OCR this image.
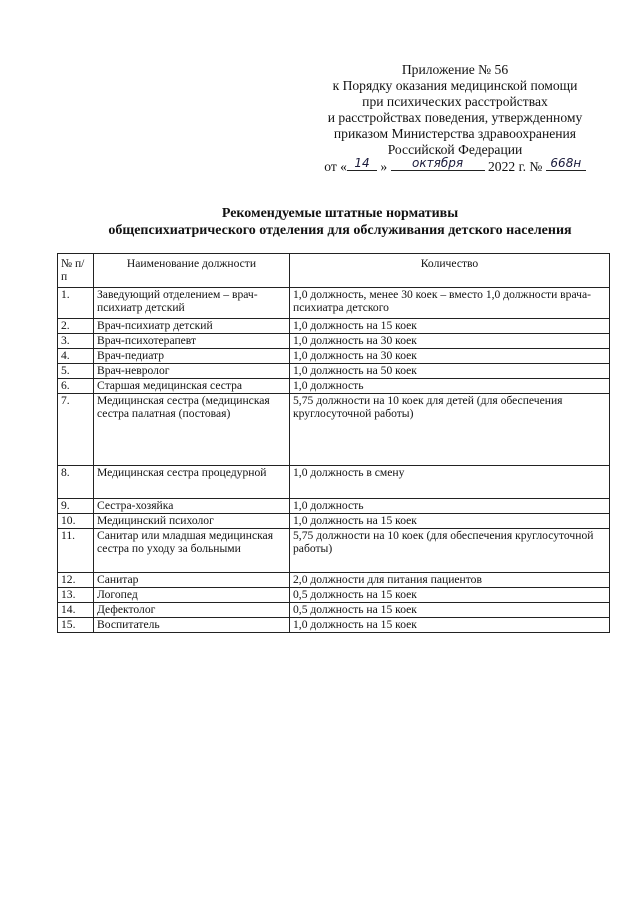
Приложение № 56
к Порядку оказания медицинской помощи
при психических расстройствах
и расстройствах поведения, утвержденному
приказом Министерства здравоохранения
Российской Федерации
от « 14 »	октября	2022 г. № 668н
Рекомендуемые штатные нормативы
общепсихиатрического отделения для обслуживания детского населения
№ п/п	Наименование должности	Количество
1.	Заведующий отделением – врач-психиатр детский	1,0 должность, менее 30 коек – вместо 1,0 должности врача-психиатра детского
2.	Врач-психиатр детский	1,0 должность на 15 коек
3.	Врач-психотерапевт	1,0 должность на 30 коек
4.	Врач-педиатр	1,0 должность на 30 коек
5.	Врач-невролог	1,0 должность на 50 коек
6.	Старшая медицинская сестра	1,0 должность
7.	Медицинская сестра (медицинская сестра палатная (постовая)	5,75 должности на 10 коек для детей (для обеспечения круглосуточной работы)
8.	Медицинская сестра процедурной	1,0 должность в смену
9.	Сестра-хозяйка	1,0 должность
10.	Медицинский психолог	1,0 должность на 15 коек
11.	Санитар или младшая медицинская сестра по уходу за больными	5,75 должности на 10 коек (для обеспечения круглосуточной работы)
12.	Санитар	2,0 должности для питания пациентов
13.	Логопед	0,5 должность на 15 коек
14.	Дефектолог	0,5 должность на 15 коек
15.	Воспитатель	1,0 должность на 15 коек
